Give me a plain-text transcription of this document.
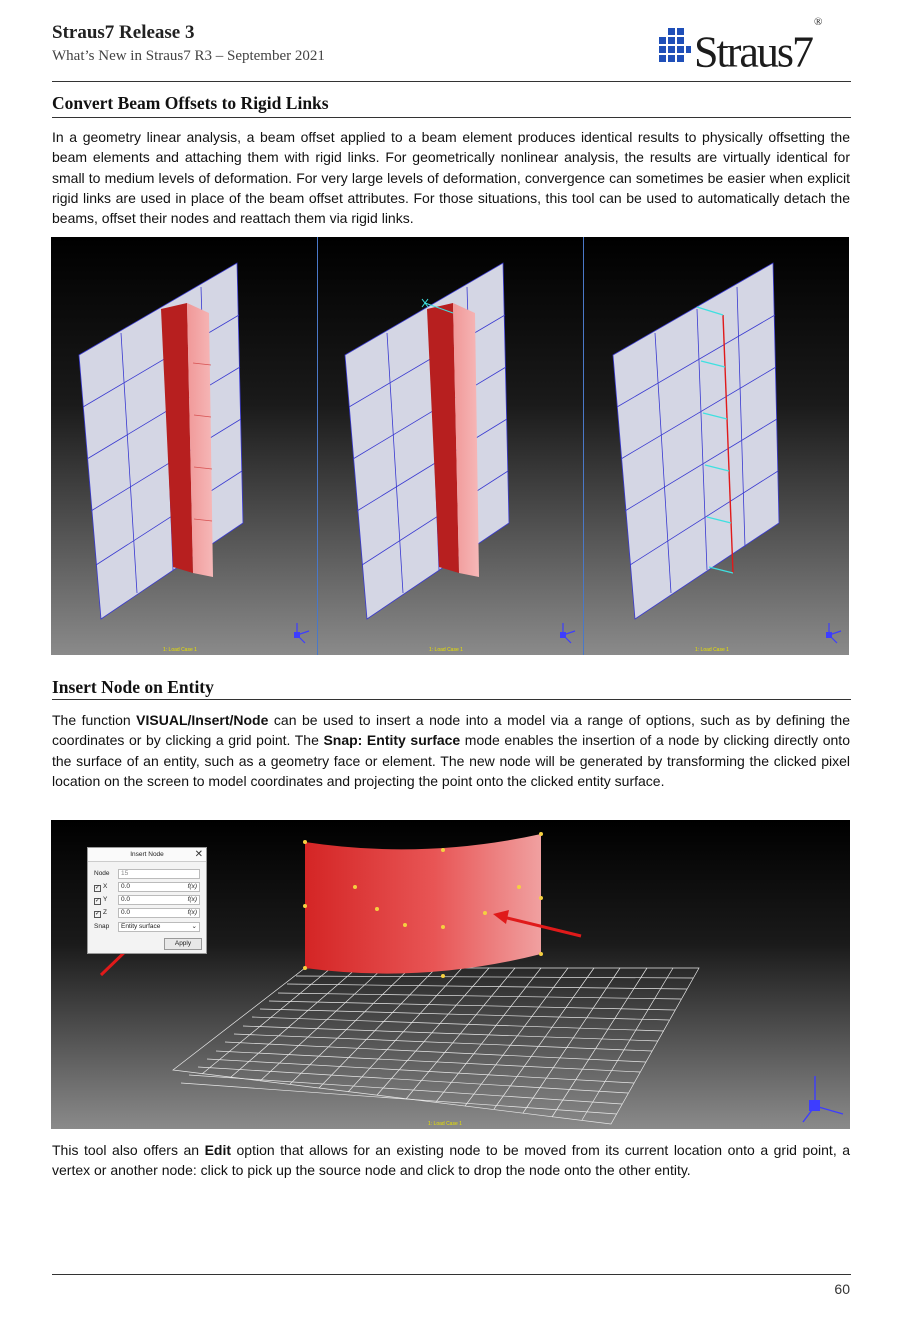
Straus7 Release 3
What’s New in Straus7 R3 – September 2021	Straus7®
Convert Beam Offsets to Rigid Links
In a geometry linear analysis, a beam offset applied to a beam element produces identical results to physically offsetting the beam elements and attaching them with rigid links. For geometrically nonlinear analysis, the results are virtually identical for small to medium levels of deformation. For very large levels of deformation, convergence can sometimes be easier when explicit rigid links are used in place of the beam offset attributes. For those situations, this tool can be used to automatically detach the beams, offset their nodes and reattach them via rigid links.
1: Load Case 1	1: Load Case 1	1: Load Case 1
Insert Node on Entity
The function VISUAL/Insert/Node can be used to insert a node into a model via a range of options, such as by defining the coordinates or by clicking a grid point. The Snap: Entity surface mode enables the insertion of a node by clicking directly onto the surface of an entity, such as a geometry face or element. The new node will be generated by transforming the clicked pixel location on the screen to model coordinates and projecting the point onto the clicked entity surface.
Insert Node	✕
Node	15
✓ X	0.0	f(x)
✓ Y	0.0	f(x)
✓ Z	0.0	f(x)
Snap	Entity surface	⌄
Apply
1: Load Case 1
This tool also offers an Edit option that allows for an existing node to be moved from its current location onto a grid point, a vertex or another node: click to pick up the source node and click to drop the node onto the other entity.
60
